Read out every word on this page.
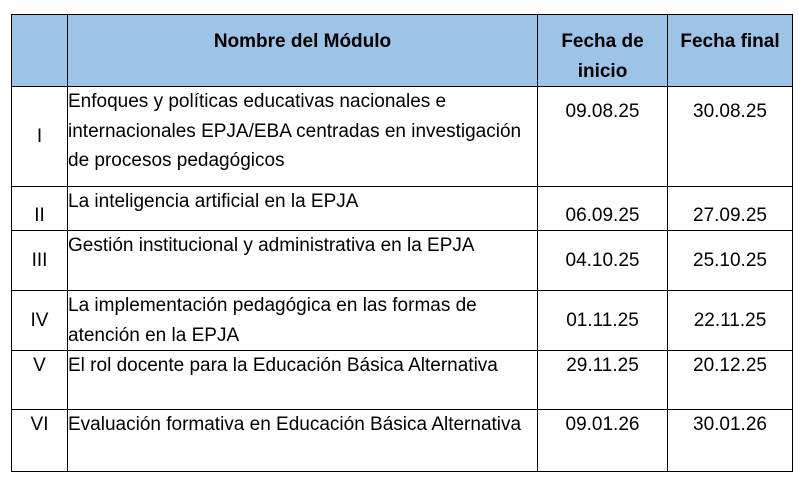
	Nombre del Módulo	Fecha de inicio	Fecha final

I	Enfoques y políticas educativas nacionales e internacionales EPJA/EBA centradas en investigación de procesos pedagógicos	09.08.25	30.08.25
II	La inteligencia artificial en la EPJA	06.09.25	27.09.25
III	Gestión institucional y administrativa en la EPJA	04.10.25	25.10.25
IV	La implementación pedagógica en las formas de atención en la EPJA	01.11.25	22.11.25
V	El rol docente para la Educación Básica Alternativa	29.11.25	20.12.25
VI	Evaluación formativa en Educación Básica Alternativa	09.01.26	30.01.26
